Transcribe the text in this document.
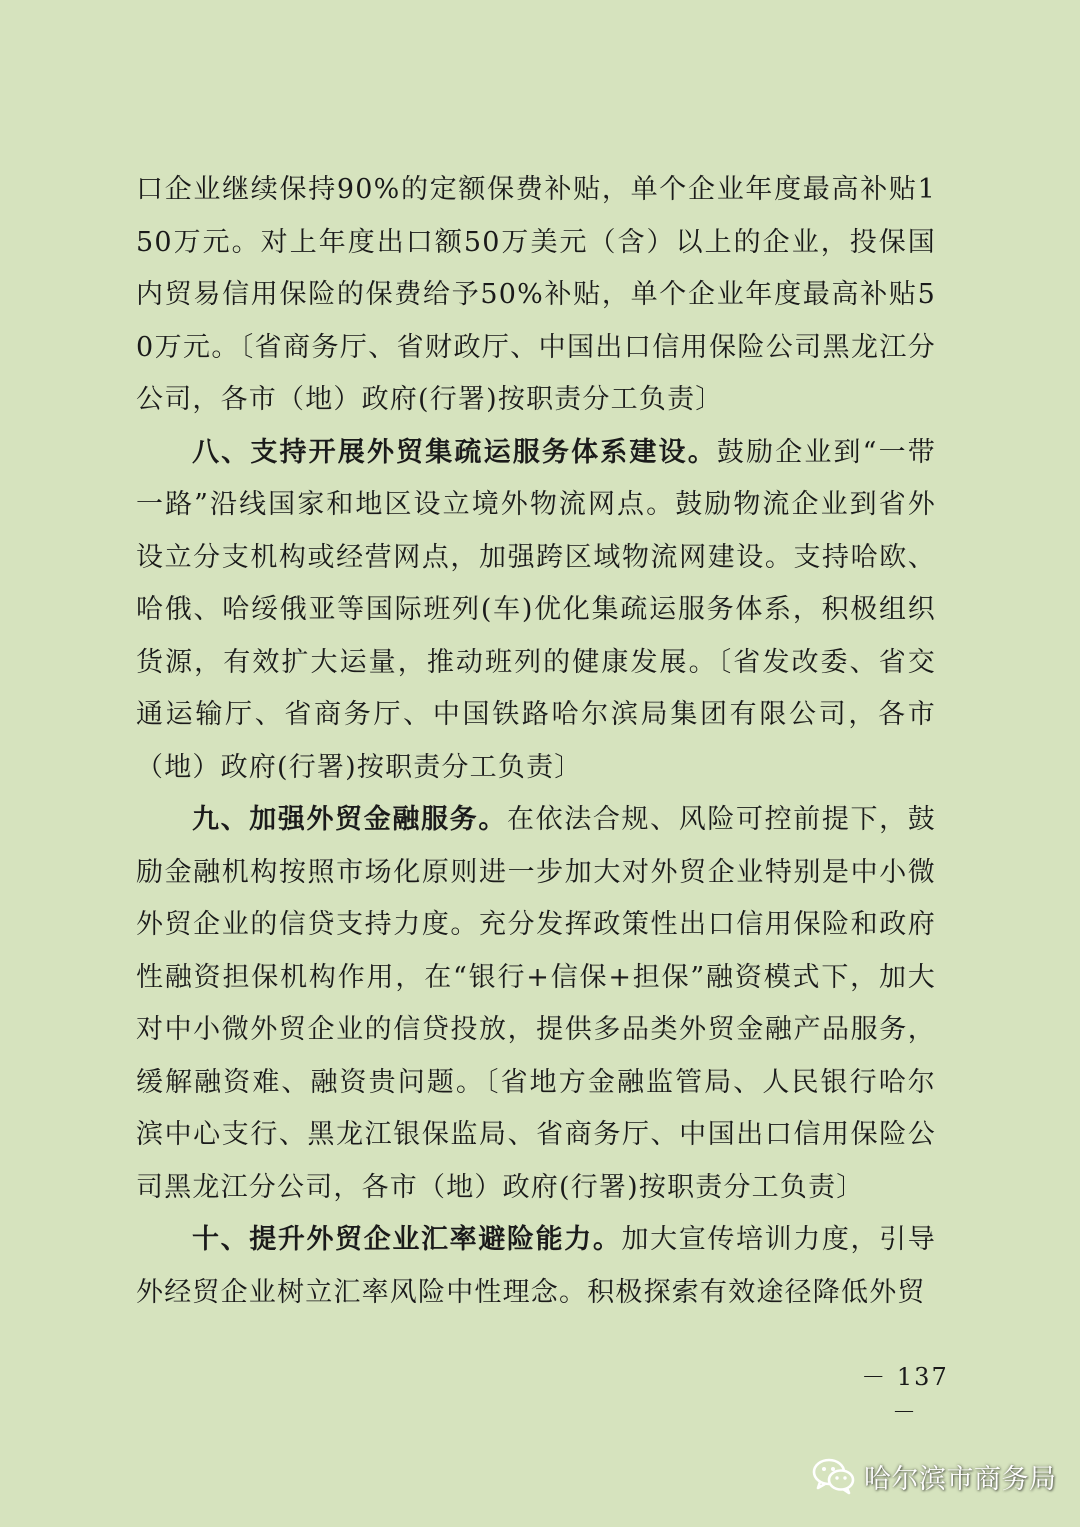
口企业继续保持90%的定额保费补贴，单个企业年度最高补贴150万元。对上年度出口额50万美元（含）以上的企业，投保国内贸易信用保险的保费给予50%补贴，单个企业年度最高补贴50万元。〔省商务厅、省财政厅、中国出口信用保险公司黑龙江分公司，各市（地）政府(行署)按职责分工负责〕

八、支持开展外贸集疏运服务体系建设。鼓励企业到“一带一路”沿线国家和地区设立境外物流网点。鼓励物流企业到省外设立分支机构或经营网点，加强跨区域物流网建设。支持哈欧、哈俄、哈绥俄亚等国际班列(车)优化集疏运服务体系，积极组织货源，有效扩大运量，推动班列的健康发展。〔省发改委、省交通运输厅、省商务厅、中国铁路哈尔滨局集团有限公司，各市（地）政府(行署)按职责分工负责〕

九、加强外贸金融服务。在依法合规、风险可控前提下，鼓励金融机构按照市场化原则进一步加大对外贸企业特别是中小微外贸企业的信贷支持力度。充分发挥政策性出口信用保险和政府性融资担保机构作用，在“银行+信保+担保”融资模式下，加大对中小微外贸企业的信贷投放，提供多品类外贸金融产品服务，缓解融资难、融资贵问题。〔省地方金融监管局、人民银行哈尔滨中心支行、黑龙江银保监局、省商务厅、中国出口信用保险公司黑龙江分公司，各市（地）政府(行署)按职责分工负责〕

十、提升外贸企业汇率避险能力。加大宣传培训力度，引导外经贸企业树立汇率风险中性理念。积极探索有效途径降低外贸

－ 137 －
哈尔滨市商务局
